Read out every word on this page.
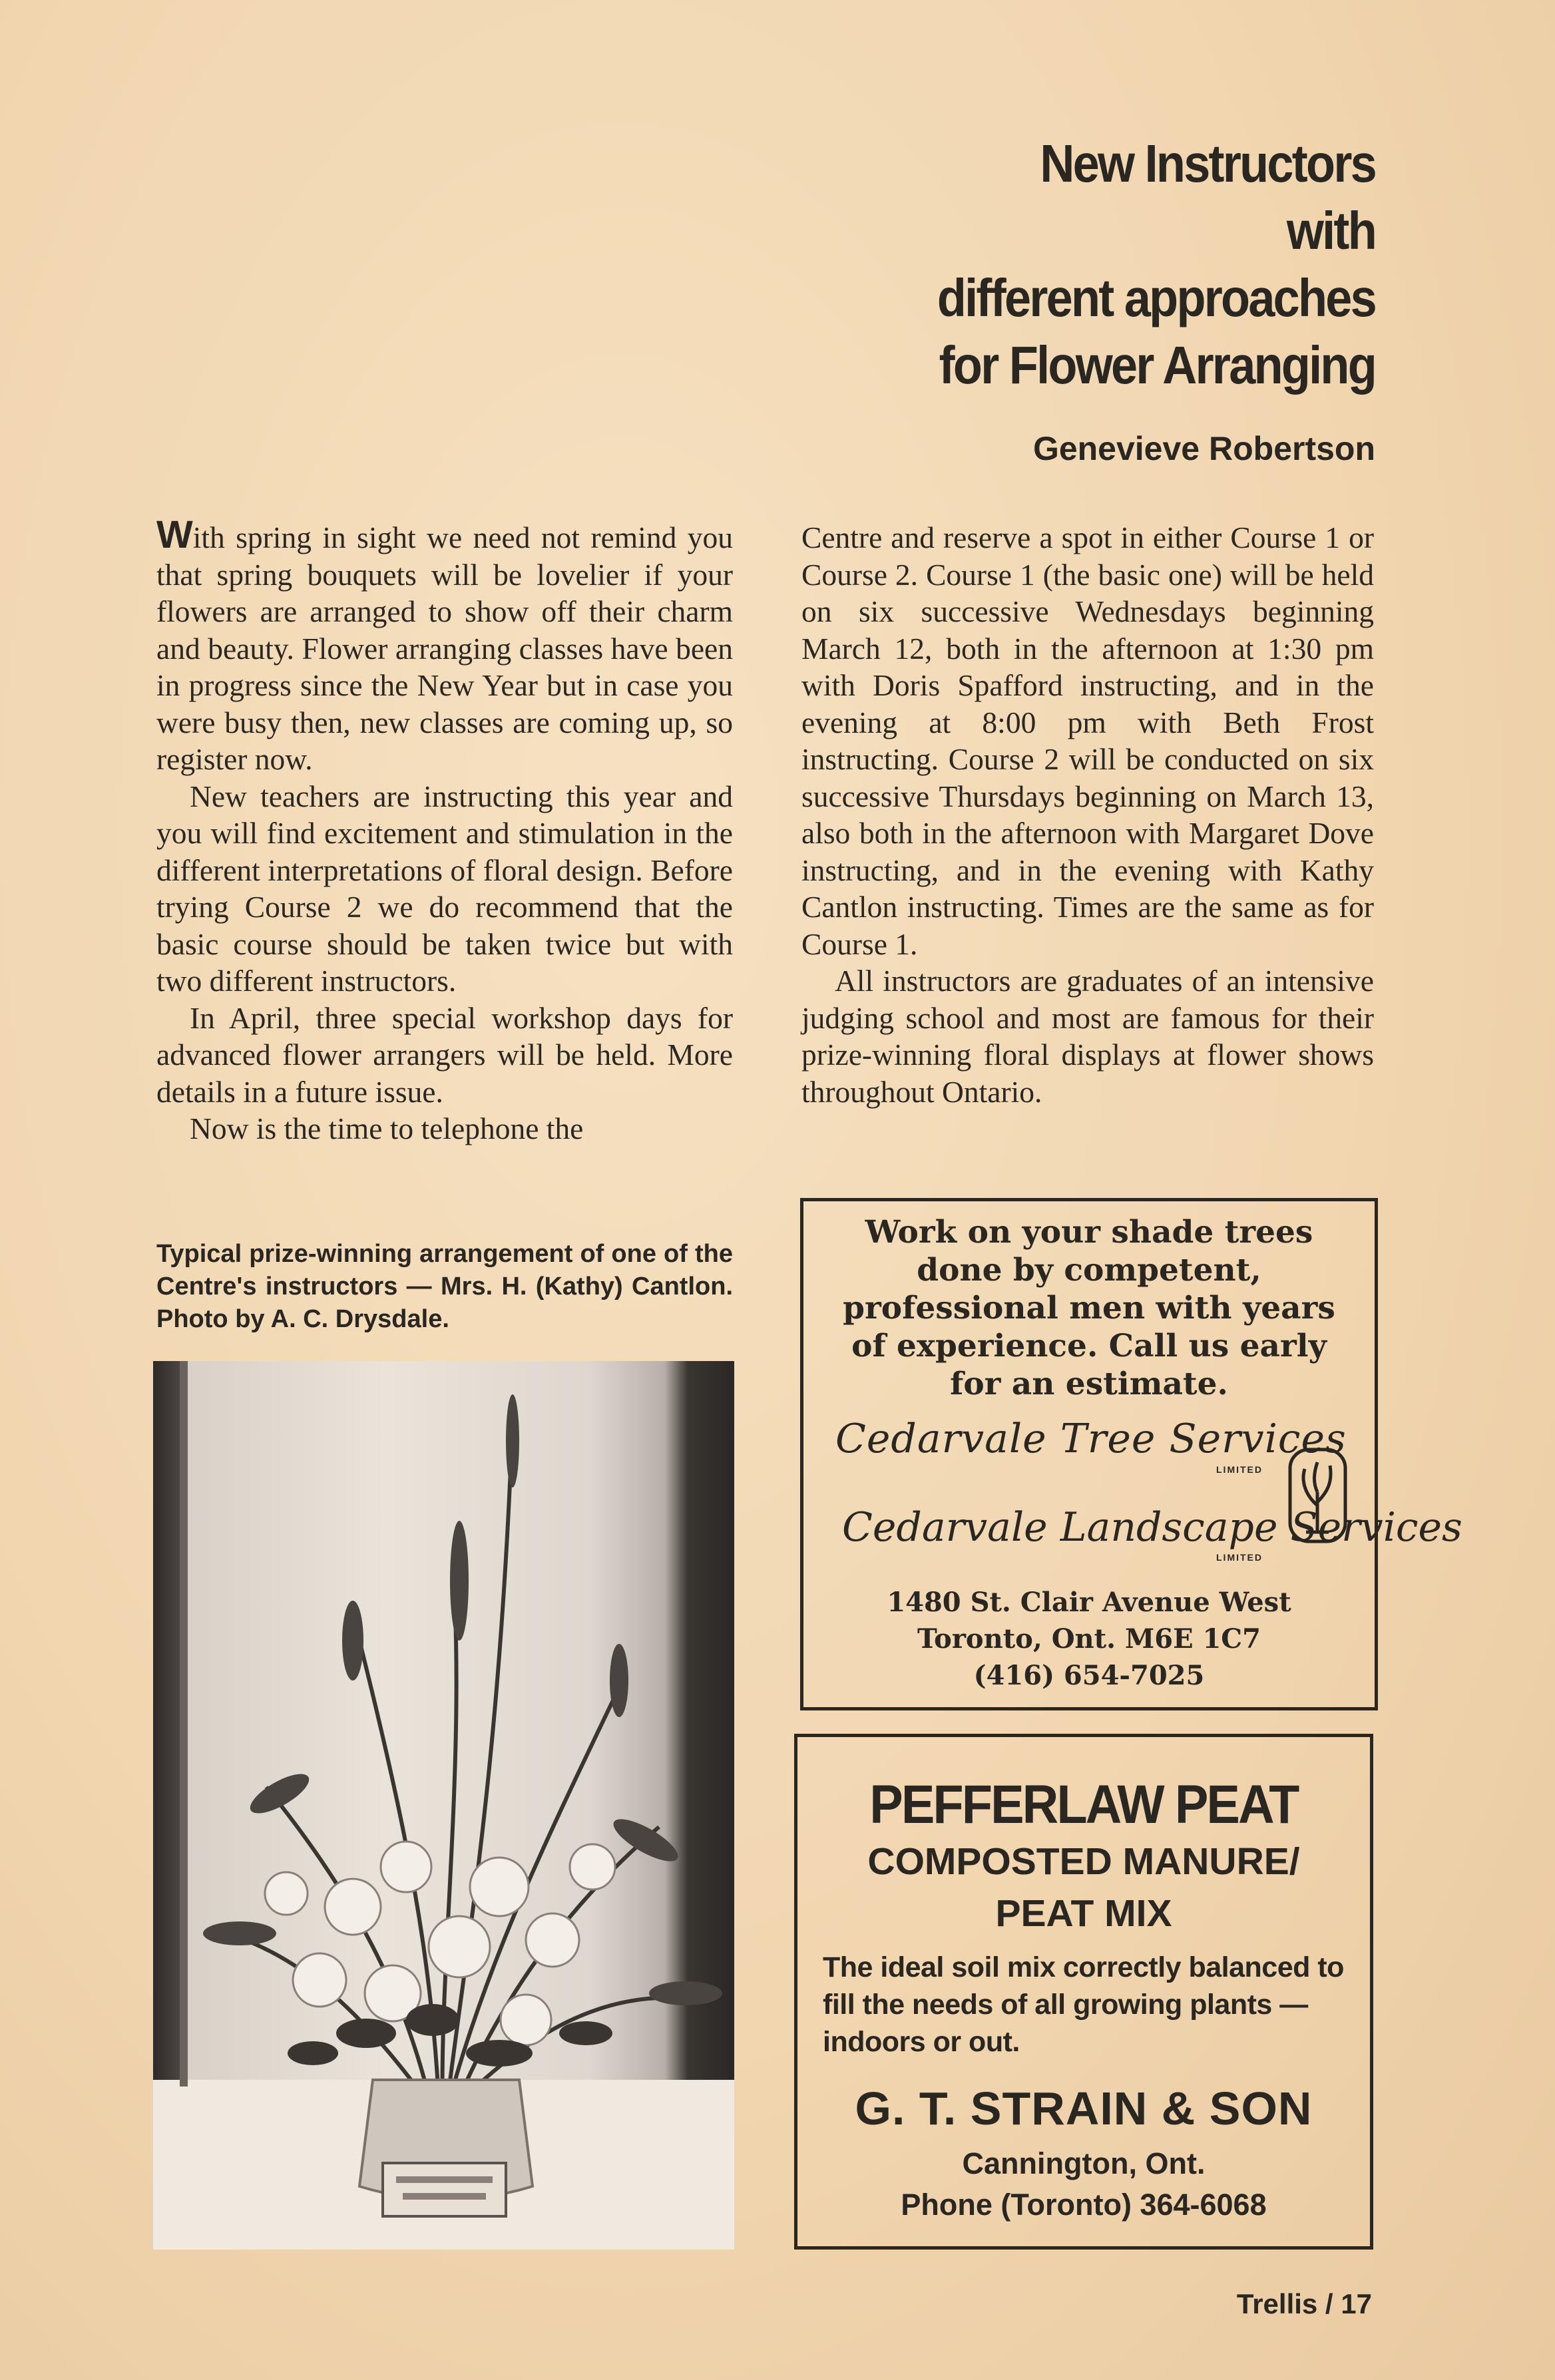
New Instructors
with
different approaches
for Flower Arranging
Genevieve Robertson

With spring in sight we need not remind you that spring bouquets will be lovelier if your flowers are arranged to show off their charm and beauty. Flower arranging classes have been in progress since the New Year but in case you were busy then, new classes are coming up, so register now.

New teachers are instructing this year and you will find excitement and stimulation in the different interpretations of floral design. Before trying Course 2 we do recommend that the basic course should be taken twice but with two different instructors.

In April, three special workshop days for advanced flower arrangers will be held. More details in a future issue.

Now is the time to telephone the

Typical prize-winning arrangement of one of the Centre's instructors — Mrs. H. (Kathy) Cantlon. Photo by A. C. Drysdale.

Centre and reserve a spot in either Course 1 or Course 2. Course 1 (the basic one) will be held on six successive Wednesdays beginning March 12, both in the afternoon at 1:30 pm with Doris Spafford instructing, and in the evening at 8:00 pm with Beth Frost instructing. Course 2 will be conducted on six successive Thursdays beginning on March 13, also both in the afternoon with Margaret Dove instructing, and in the evening with Kathy Cantlon instructing. Times are the same as for Course 1.

All instructors are graduates of an intensive judging school and most are famous for their prize-winning floral displays at flower shows throughout Ontario.

Work on your shade trees
done by competent,
professional men with years
of experience. Call us early
for an estimate.
Cedarvale Tree Services
LIMITED
Cedarvale Landscape Services
LIMITED
1480 St. Clair Avenue West
Toronto, Ont. M6E 1C7
(416) 654-7025
PEFFERLAW PEAT
COMPOSTED MANURE/
PEAT MIX
The ideal soil mix correctly balanced to fill the needs of all growing plants — indoors or out.
G. T. STRAIN & SON
Cannington, Ont.
Phone (Toronto) 364-6068
Trellis / 17
